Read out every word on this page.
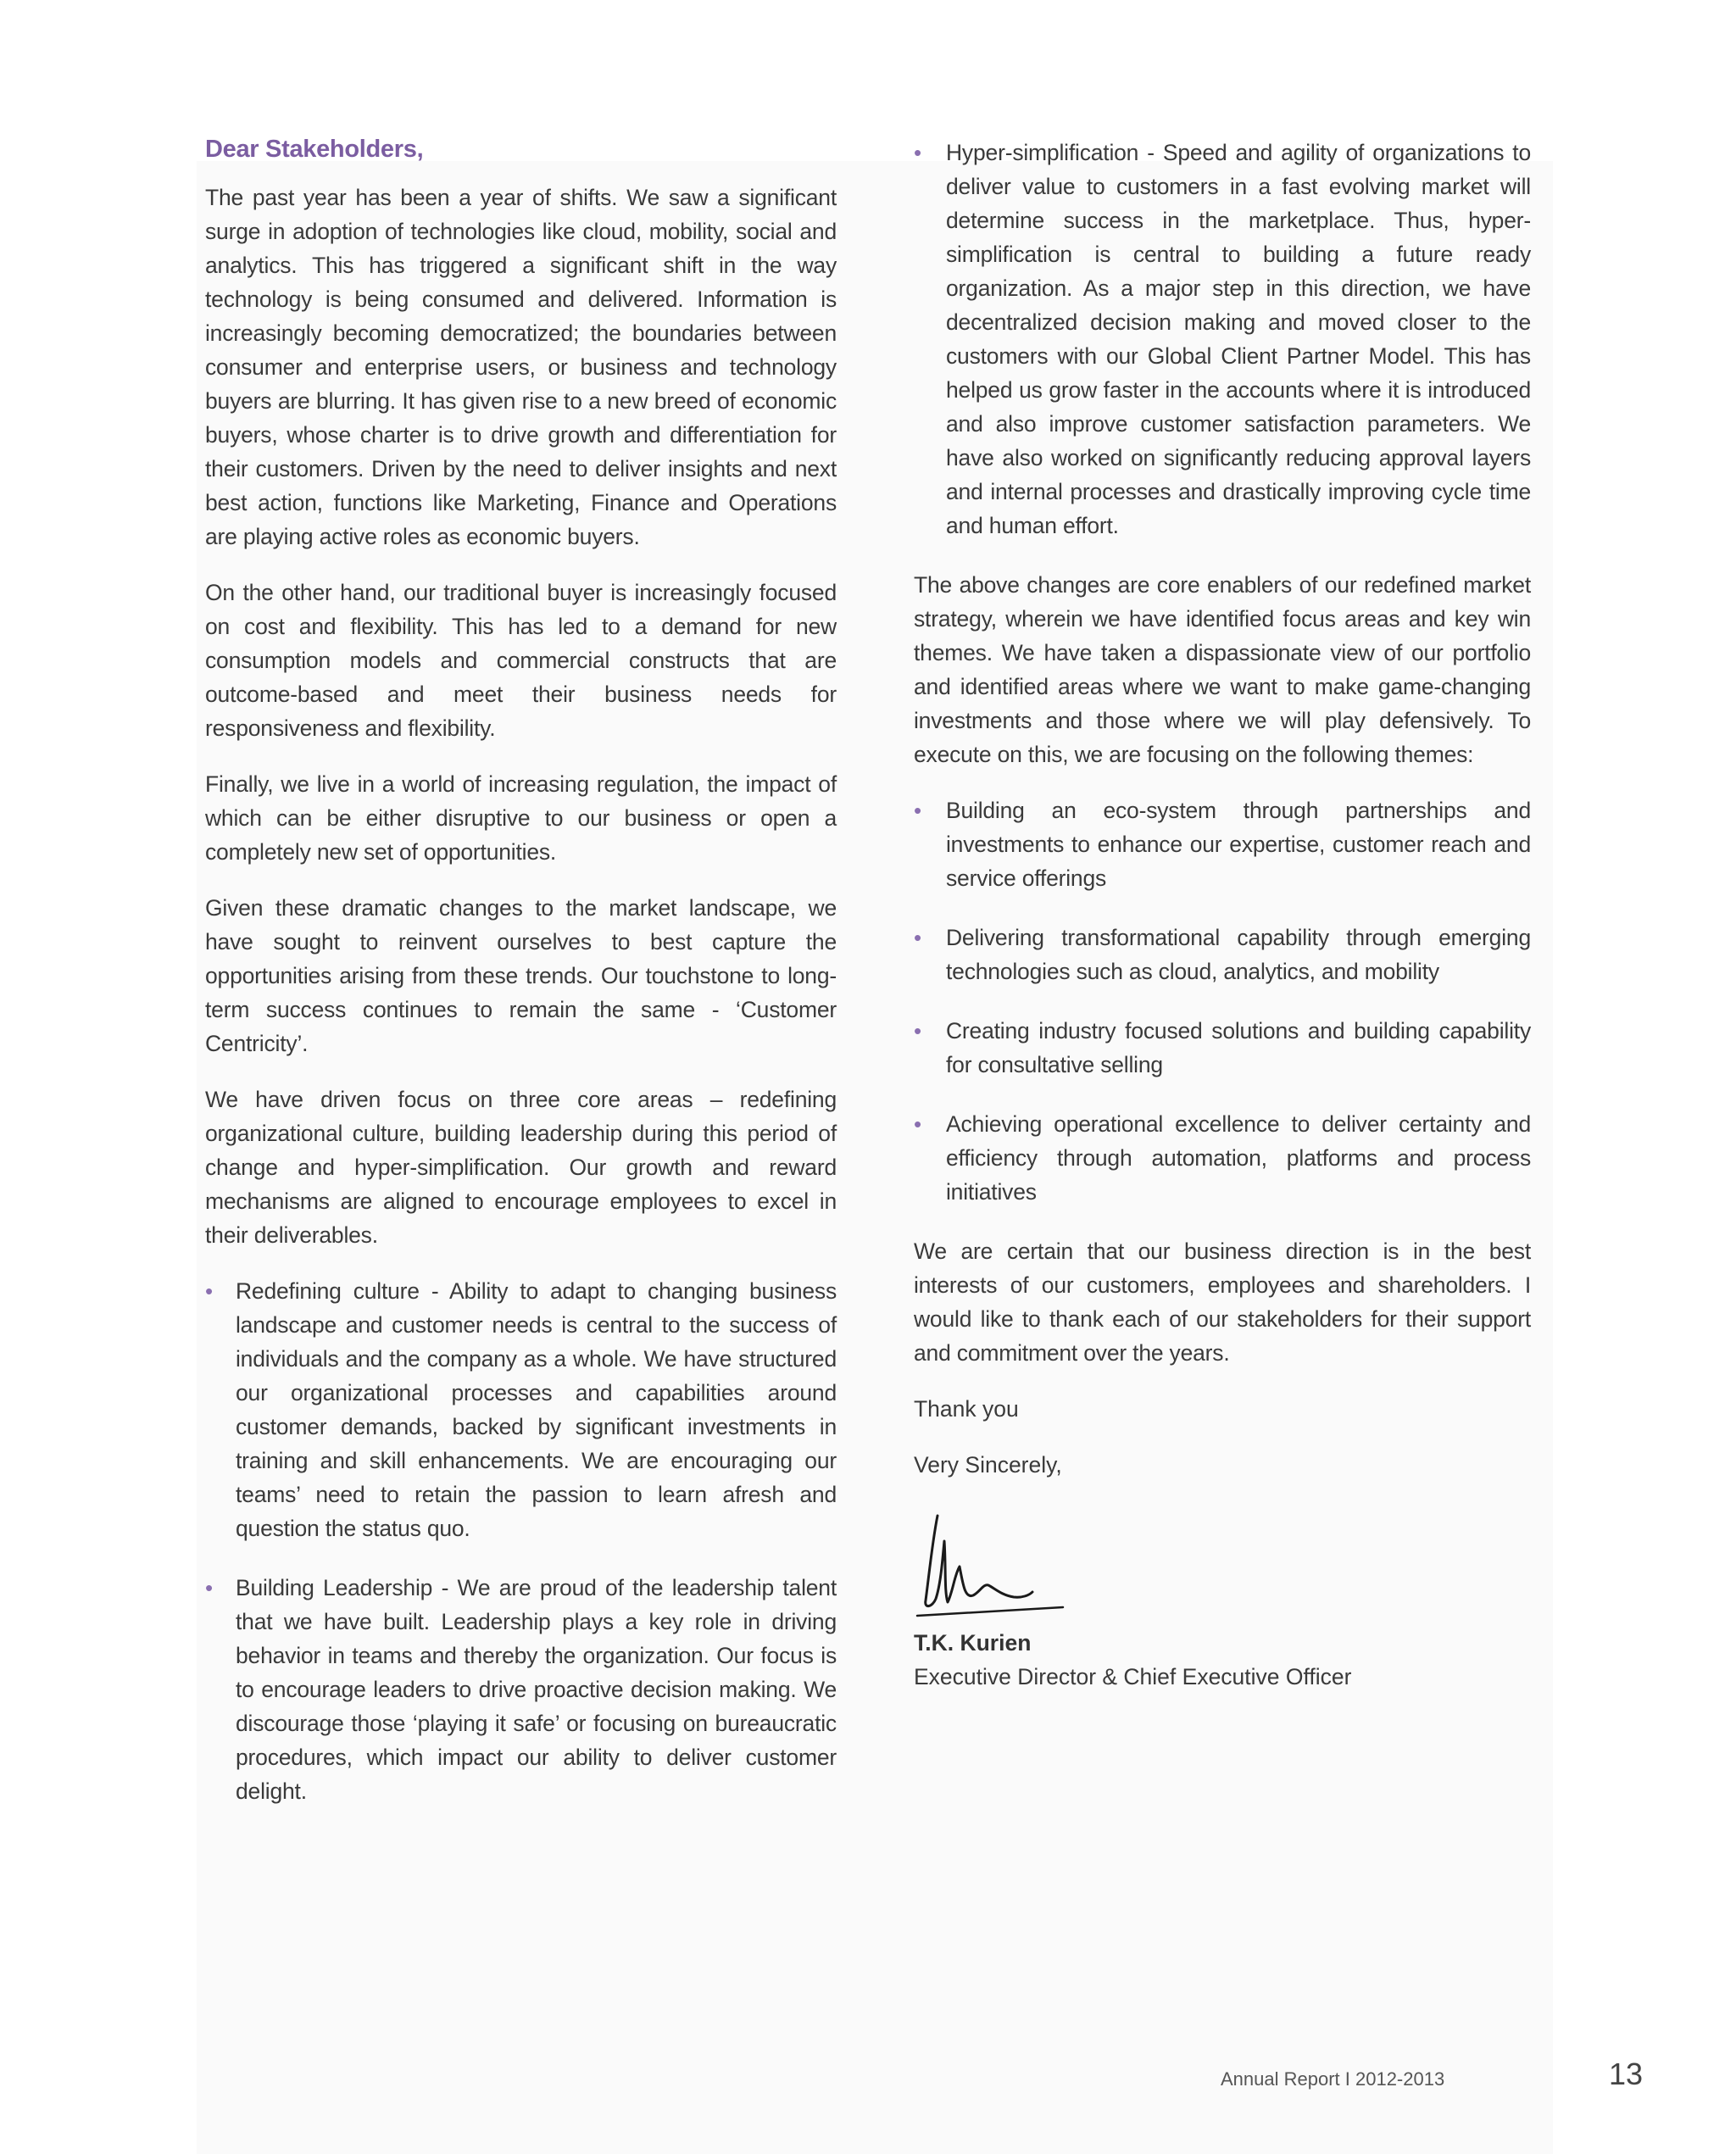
Dear Stakeholders,

The past year has been a year of shifts. We saw a significant surge in adoption of technologies like cloud, mobility, social and analytics. This has triggered a significant shift in the way technology is being consumed and delivered. Information is increasingly becoming democratized; the boundaries between consumer and enterprise users, or business and technology buyers are blurring. It has given rise to a new breed of economic buyers, whose charter is to drive growth and differentiation for their customers. Driven by the need to deliver insights and next best action, functions like Marketing, Finance and Operations are playing active roles as economic buyers.

On the other hand, our traditional buyer is increasingly focused on cost and flexibility. This has led to a demand for new consumption models and commercial constructs that are outcome-based and meet their business needs for responsiveness and flexibility.

Finally, we live in a world of increasing regulation, the impact of which can be either disruptive to our business or open a completely new set of opportunities.

Given these dramatic changes to the market landscape, we have sought to reinvent ourselves to best capture the opportunities arising from these trends. Our touchstone to long-term success continues to remain the same - ‘Customer Centricity’.

We have driven focus on three core areas – redefining organizational culture, building leadership during this period of change and hyper-simplification. Our growth and reward mechanisms are aligned to encourage employees to excel in their deliverables.

• Redefining culture - Ability to adapt to changing business landscape and customer needs is central to the success of individuals and the company as a whole. We have structured our organizational processes and capabilities around customer demands, backed by significant investments in training and skill enhancements. We are encouraging our teams’ need to retain the passion to learn afresh and question the status quo.
• Building Leadership - We are proud of the leadership talent that we have built. Leadership plays a key role in driving behavior in teams and thereby the organization. Our focus is to encourage leaders to drive proactive decision making. We discourage those ‘playing it safe’ or focusing on bureaucratic procedures, which impact our ability to deliver customer delight.
• Hyper-simplification - Speed and agility of organizations to deliver value to customers in a fast evolving market will determine success in the marketplace. Thus, hyper-simplification is central to building a future ready organization. As a major step in this direction, we have decentralized decision making and moved closer to the customers with our Global Client Partner Model. This has helped us grow faster in the accounts where it is introduced and also improve customer satisfaction parameters. We have also worked on significantly reducing approval layers and internal processes and drastically improving cycle time and human effort.

The above changes are core enablers of our redefined market strategy, wherein we have identified focus areas and key win themes. We have taken a dispassionate view of our portfolio and identified areas where we want to make game-changing investments and those where we will play defensively. To execute on this, we are focusing on the following themes:

• Building an eco-system through partnerships and investments to enhance our expertise, customer reach and service offerings
• Delivering transformational capability through emerging technologies such as cloud, analytics, and mobility
• Creating industry focused solutions and building capability for consultative selling
• Achieving operational excellence to deliver certainty and efficiency through automation, platforms and process initiatives

We are certain that our business direction is in the best interests of our customers, employees and shareholders. I would like to thank each of our stakeholders for their support and commitment over the years.

Thank you
Very Sincerely,
T.K. Kurien
Executive Director & Chief Executive Officer
Annual Report I 2012-2013	13
